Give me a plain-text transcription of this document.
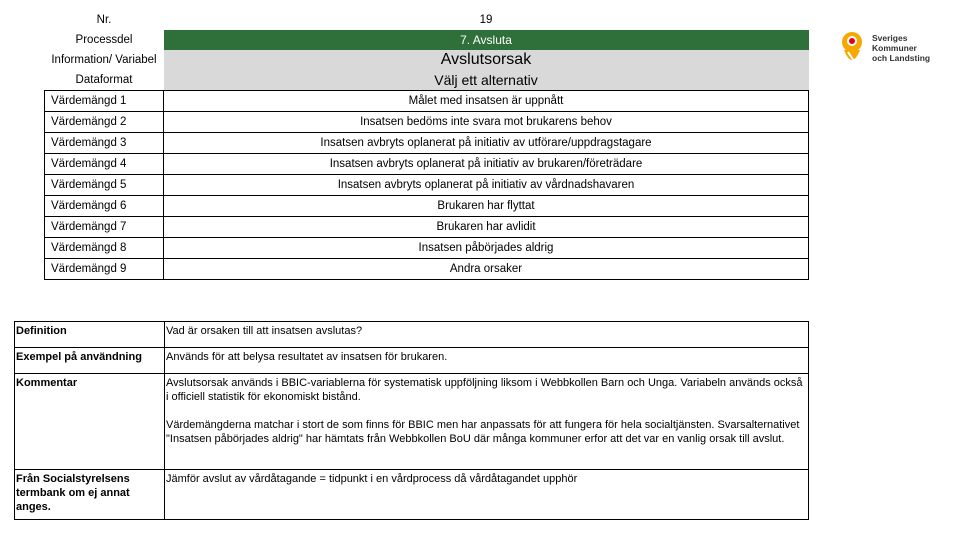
Nr.	19
Processdel	7. Avsluta
Information/ Variabel	Avslutsorsak
Dataformat	Välj ett alternativ
Värdemängd 1	Målet med insatsen är uppnått
Värdemängd 2	Insatsen bedöms inte svara mot brukarens behov
Värdemängd 3	Insatsen avbryts oplanerat på initiativ av utförare/uppdragstagare
Värdemängd 4	Insatsen avbryts oplanerat på initiativ av brukaren/företrädare
Värdemängd 5	Insatsen avbryts oplanerat på initiativ av vårdnadshavaren
Värdemängd 6	Brukaren har flyttat
Värdemängd 7	Brukaren har avlidit
Värdemängd 8	Insatsen påbörjades aldrig
Värdemängd 9	Andra orsaker
Definition	Vad är orsaken till att insatsen avslutas?
Exempel på användning	Används för att belysa resultatet av insatsen för brukaren.
Kommentar	Avslutsorsak används i BBIC-variablerna för systematisk uppföljning liksom i Webbkollen Barn och Unga. Variabeln används också i officiell statistik för ekonomiskt bistånd.

Värdemängderna matchar i stort de som finns för BBIC men har anpassats för att fungera för hela socialtjänsten. Svarsalternativet "Insatsen påbörjades aldrig" har hämtats från Webbkollen BoU där många kommuner erfor att det var en vanlig orsak till avslut.

Från Socialstyrelsens termbank om ej annat anges.	Jämför avslut av vårdåtagande = tidpunkt i en vårdprocess då vårdåtagandet upphör
Sveriges
Kommuner
och Landsting
